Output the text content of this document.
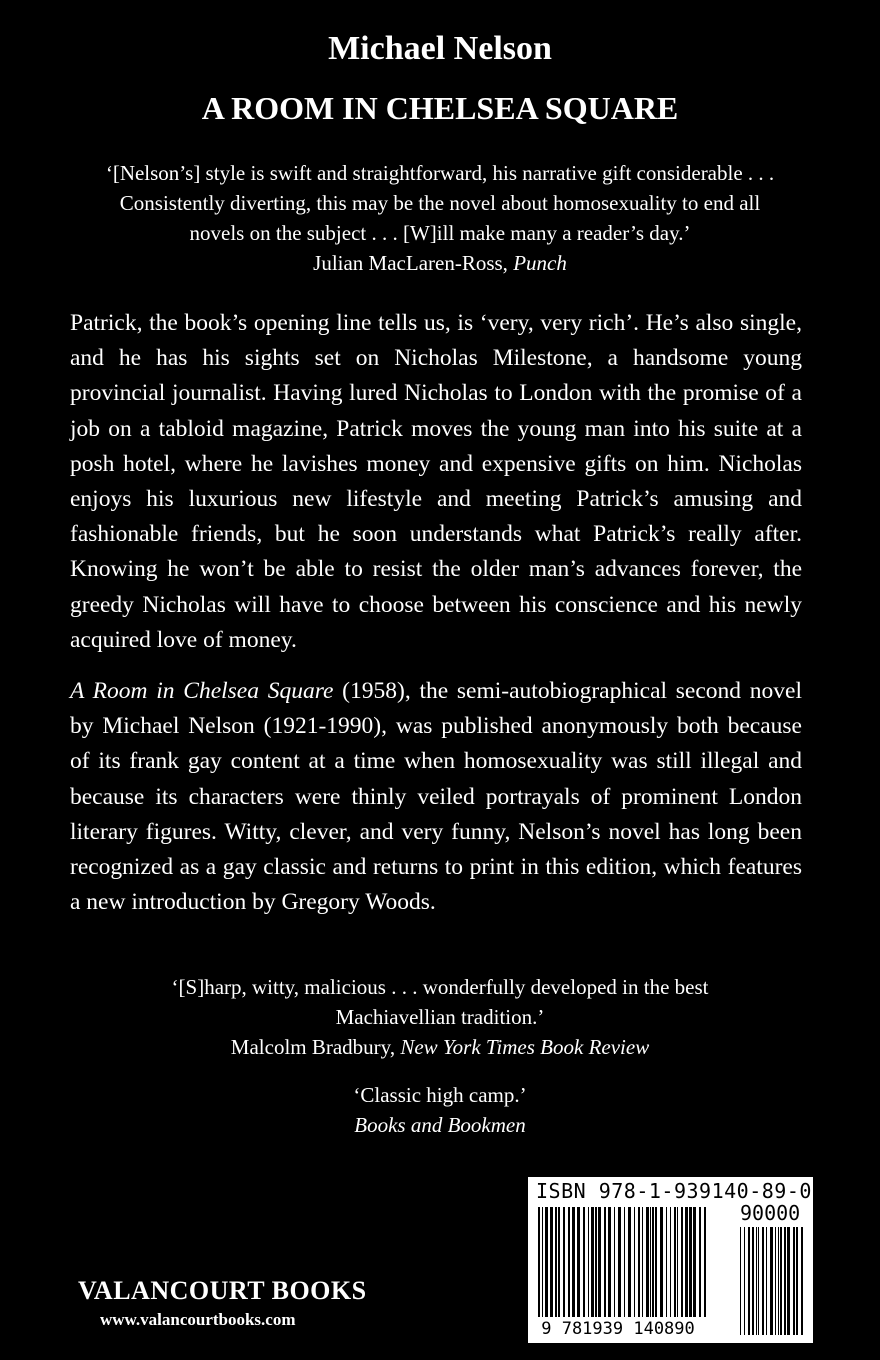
Michael Nelson
A ROOM IN CHELSEA SQUARE
‘[Nelson’s] style is swift and straightforward, his narrative gift considerable . . . Consistently diverting, this may be the novel about homosexuality to end all novels on the subject . . . [W]ill make many a reader’s day.’
Julian MacLaren-Ross, Punch

Patrick, the book’s opening line tells us, is ‘very, very rich’. He’s also single, and he has his sights set on Nicholas Milestone, a handsome young provincial journalist. Having lured Nicholas to London with the promise of a job on a tabloid magazine, Patrick moves the young man into his suite at a posh hotel, where he lavishes money and expensive gifts on him. Nicholas enjoys his luxurious new lifestyle and meeting Patrick’s amusing and fashionable friends, but he soon understands what Patrick’s really after. Knowing he won’t be able to resist the older man’s advances forever, the greedy Nicholas will have to choose between his conscience and his newly acquired love of money.

A Room in Chelsea Square (1958), the semi-autobiographical second novel by Michael Nelson (1921-1990), was published anonymously both because of its frank gay content at a time when homosexuality was still illegal and because its characters were thinly veiled portrayals of prominent London literary figures. Witty, clever, and very funny, Nelson’s novel has long been recognized as a gay classic and returns to print in this edition, which features a new introduction by Gregory Woods.

‘[S]harp, witty, malicious . . . wonderfully developed in the best Machiavellian tradition.’
Malcolm Bradbury, New York Times Book Review
‘Classic high camp.’
Books and Bookmen
VALANCOURT BOOKS
www.valancourtbooks.com
ISBN 978-1-939140-89-0
90000
9 781939 140890
